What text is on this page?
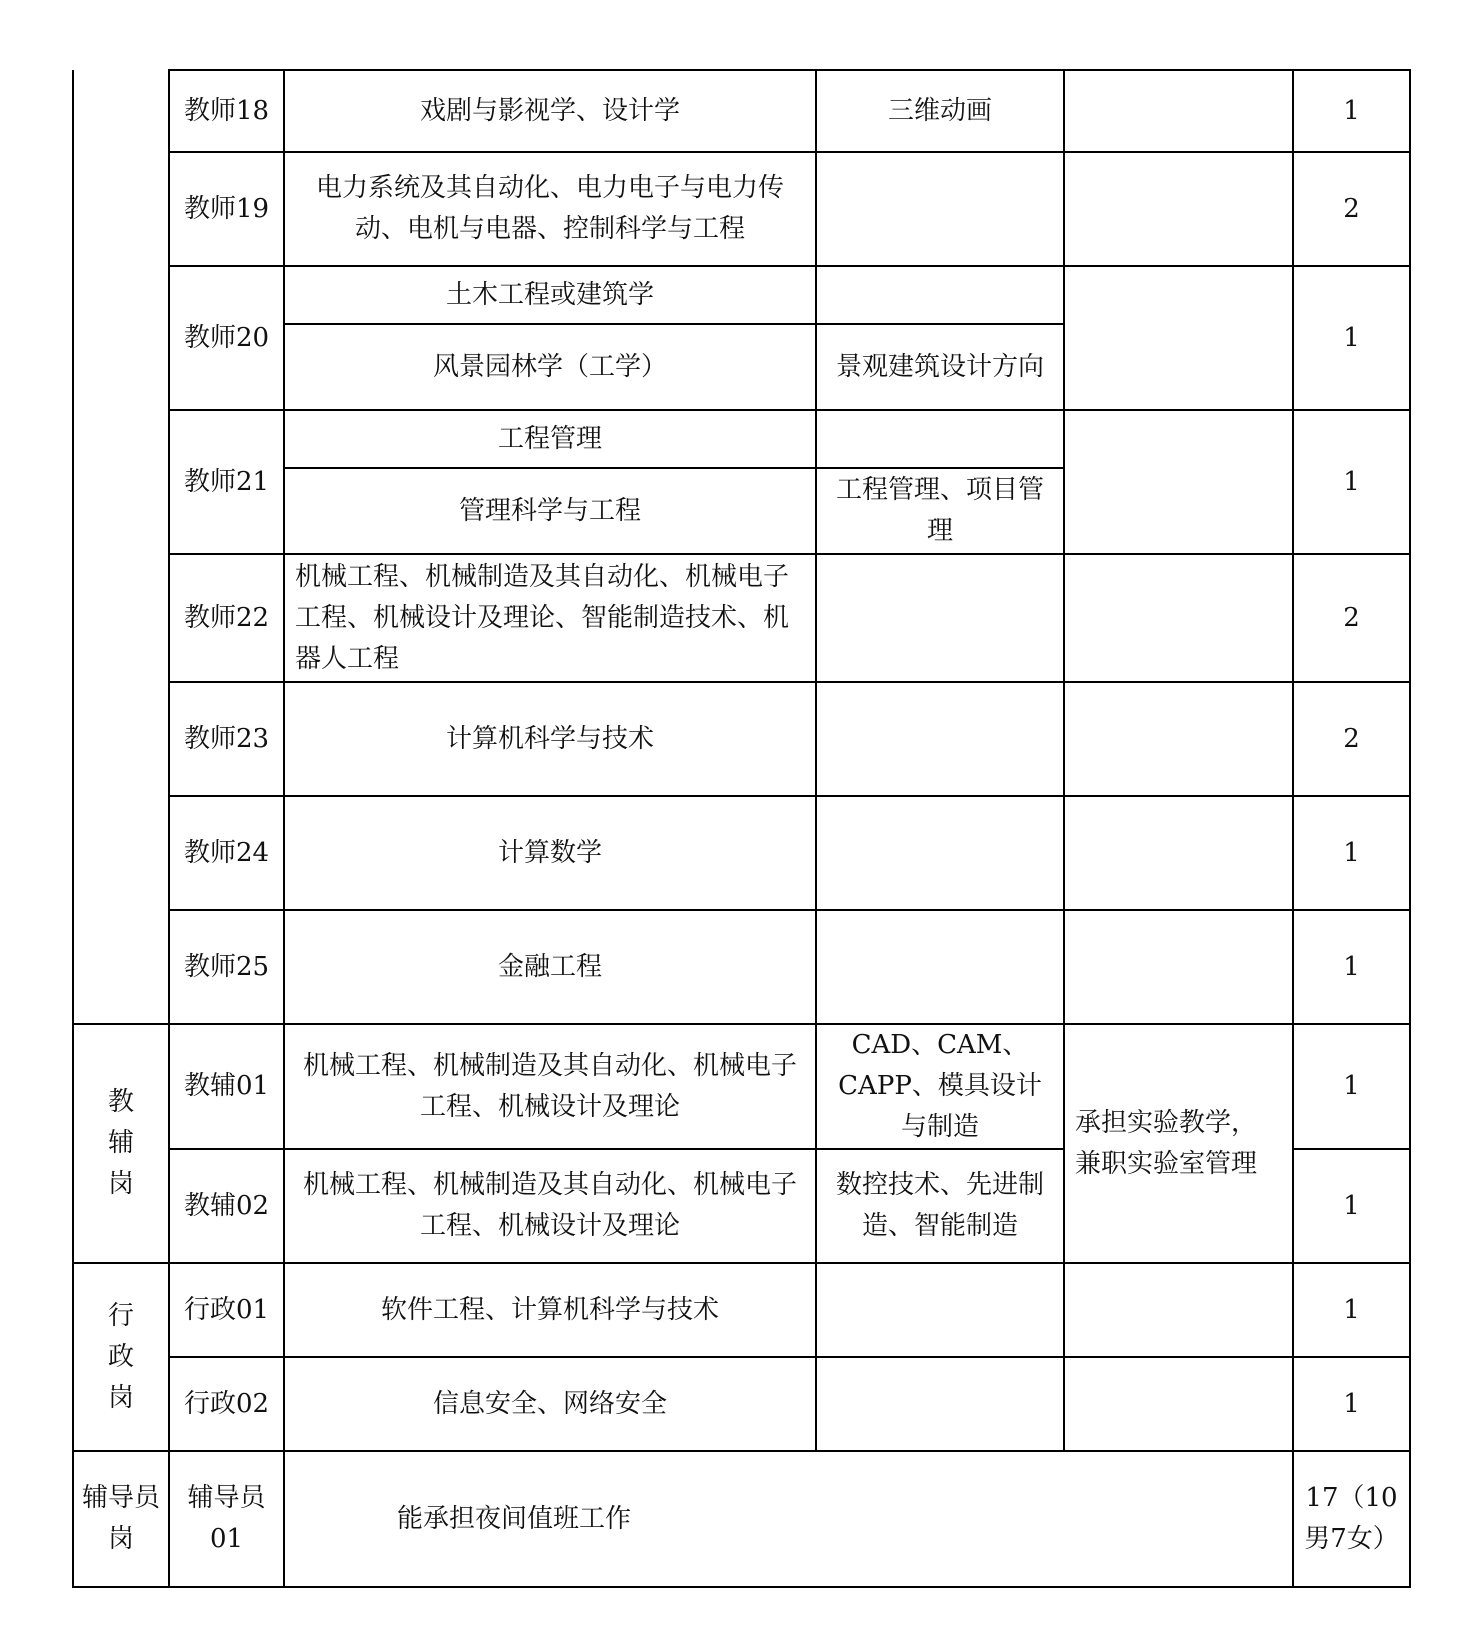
	教师18	戏剧与影视学、设计学	三维动画		1
	教师19	电力系统及其自动化、电力电子与电力传动、电机与电器、控制科学与工程			2
	教师20	土木工程或建筑学			1
		风景园林学（工学）	景观建筑设计方向		
	教师21	工程管理			1
		管理科学与工程	工程管理、项目管理		
	教师22	机械工程、机械制造及其自动化、机械电子工程、机械设计及理论、智能制造技术、机器人工程			2
	教师23	计算机科学与技术			2
	教师24	计算数学			1
	教师25	金融工程			1
教辅岗	教辅01	机械工程、机械制造及其自动化、机械电子工程、机械设计及理论	CAD、CAM、CAPP、模具设计与制造	承担实验教学，兼职实验室管理	1
	教辅02	机械工程、机械制造及其自动化、机械电子工程、机械设计及理论	数控技术、先进制造、智能制造		1
行政岗	行政01	软件工程、计算机科学与技术			1
	行政02	信息安全、网络安全			1
辅导员岗	辅导员01	能承担夜间值班工作			17（10男7女）
